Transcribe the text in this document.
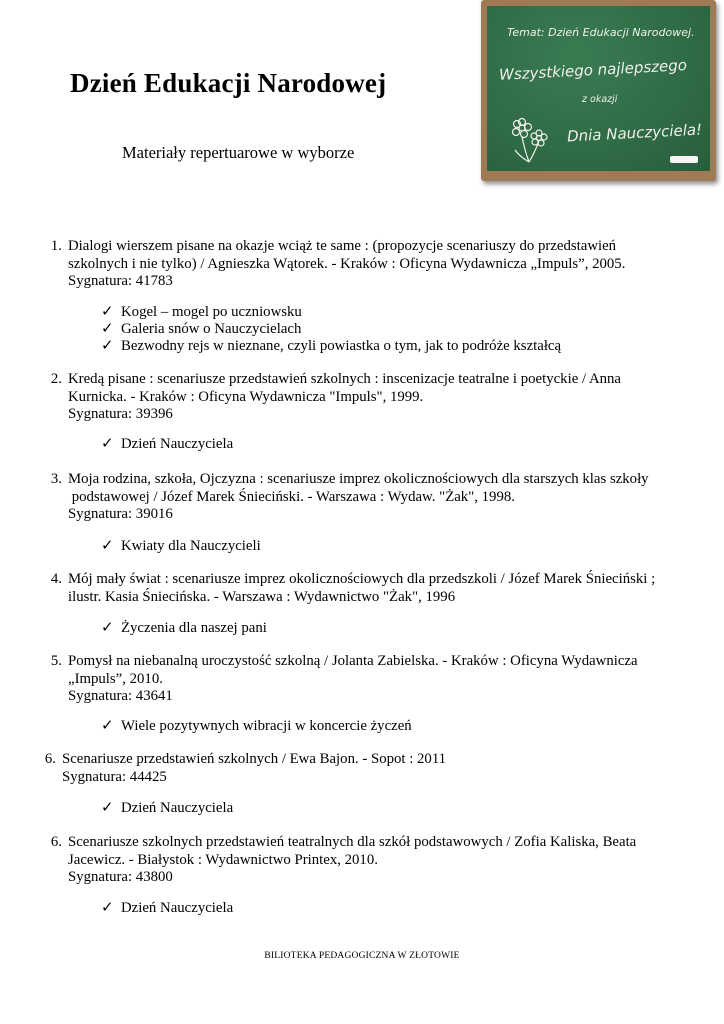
Dzień Edukacji Narodowej
Materiały repertuarowe w wyborze
Temat: Dzień Edukacji Narodowej.
Wszystkiego najlepszego
z okazji
Dnia Nauczyciela!
1. Dialogi wierszem pisane na okazje wciąż te same : (propozycje scenariuszy do przedstawień
szkolnych i nie tylko) / Agnieszka Wątorek. - Kraków : Oficyna Wydawnicza „Impuls”, 2005.
Sygnatura: 41783
✓ Kogel – mogel po uczniowsku
✓ Galeria snów o Nauczycielach
✓ Bezwodny rejs w nieznane, czyli powiastka o tym, jak to podróże kształcą
2. Kredą pisane : scenariusze przedstawień szkolnych : inscenizacje teatralne i poetyckie / Anna
Kurnicka. - Kraków : Oficyna Wydawnicza "Impuls", 1999.
Sygnatura: 39396
✓ Dzień Nauczyciela
3. Moja rodzina, szkoła, Ojczyzna : scenariusze imprez okolicznościowych dla starszych klas szkoły
podstawowej / Józef Marek Śnieciński. - Warszawa : Wydaw. "Żak", 1998.
Sygnatura: 39016
✓ Kwiaty dla Nauczycieli
4. Mój mały świat : scenariusze imprez okolicznościowych dla przedszkoli / Józef Marek Śnieciński ;
ilustr. Kasia Śniecińska. - Warszawa : Wydawnictwo "Żak", 1996
✓ Życzenia dla naszej pani
5. Pomysł na niebanalną uroczystość szkolną / Jolanta Zabielska. - Kraków : Oficyna Wydawnicza
„Impuls”, 2010.
Sygnatura: 43641
✓ Wiele pozytywnych wibracji w koncercie życzeń
6. Scenariusze przedstawień szkolnych / Ewa Bajon. - Sopot : 2011
Sygnatura: 44425
✓ Dzień Nauczyciela
6. Scenariusze szkolnych przedstawień teatralnych dla szkół podstawowych / Zofia Kaliska, Beata
Jacewicz. - Białystok : Wydawnictwo Printex, 2010.
Sygnatura: 43800
✓ Dzień Nauczyciela
BILIOTEKA PEDAGOGICZNA W ZŁOTOWIE
